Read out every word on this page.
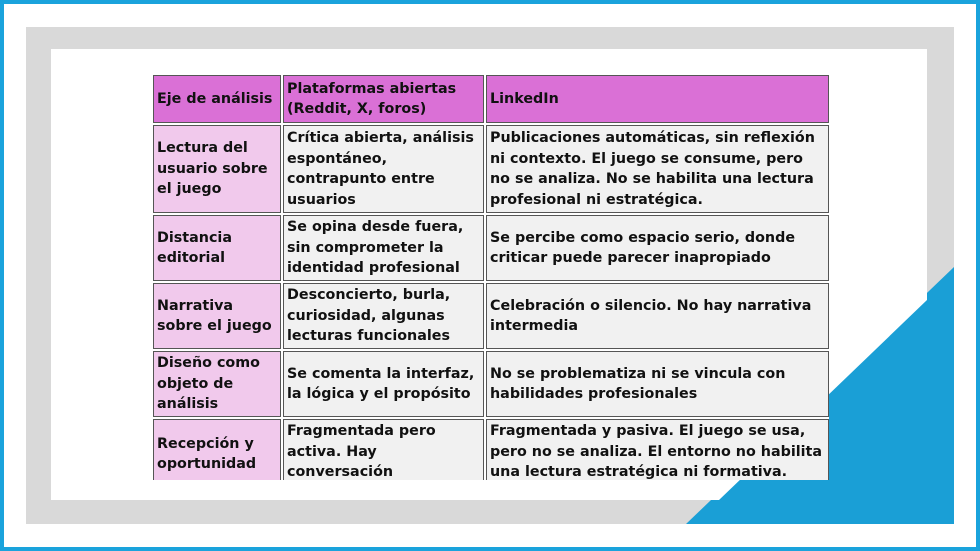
Eje de análisis	Plataformas abiertas (Reddit, X, foros)	LinkedIn
Lectura del usuario sobre el juego	Crítica abierta, análisis espontáneo, contrapunto entre usuarios	Publicaciones automáticas, sin reflexión ni contexto. El juego se consume, pero no se analiza. No se habilita una lectura profesional ni estratégica.
Distancia editorial	Se opina desde fuera, sin comprometer la identidad profesional	Se percibe como espacio serio, donde criticar puede parecer inapropiado
Narrativa sobre el juego	Desconcierto, burla, curiosidad, algunas lecturas funcionales	Celebración o silencio. No hay narrativa intermedia
Diseño como objeto de análisis	Se comenta la interfaz, la lógica y el propósito	No se problematiza ni se vincula con habilidades profesionales
Recepción y oportunidad	Fragmentada pero activa. Hay conversación	Fragmentada y pasiva. El juego se usa, pero no se analiza. El entorno no habilita una lectura estratégica ni formativa.
